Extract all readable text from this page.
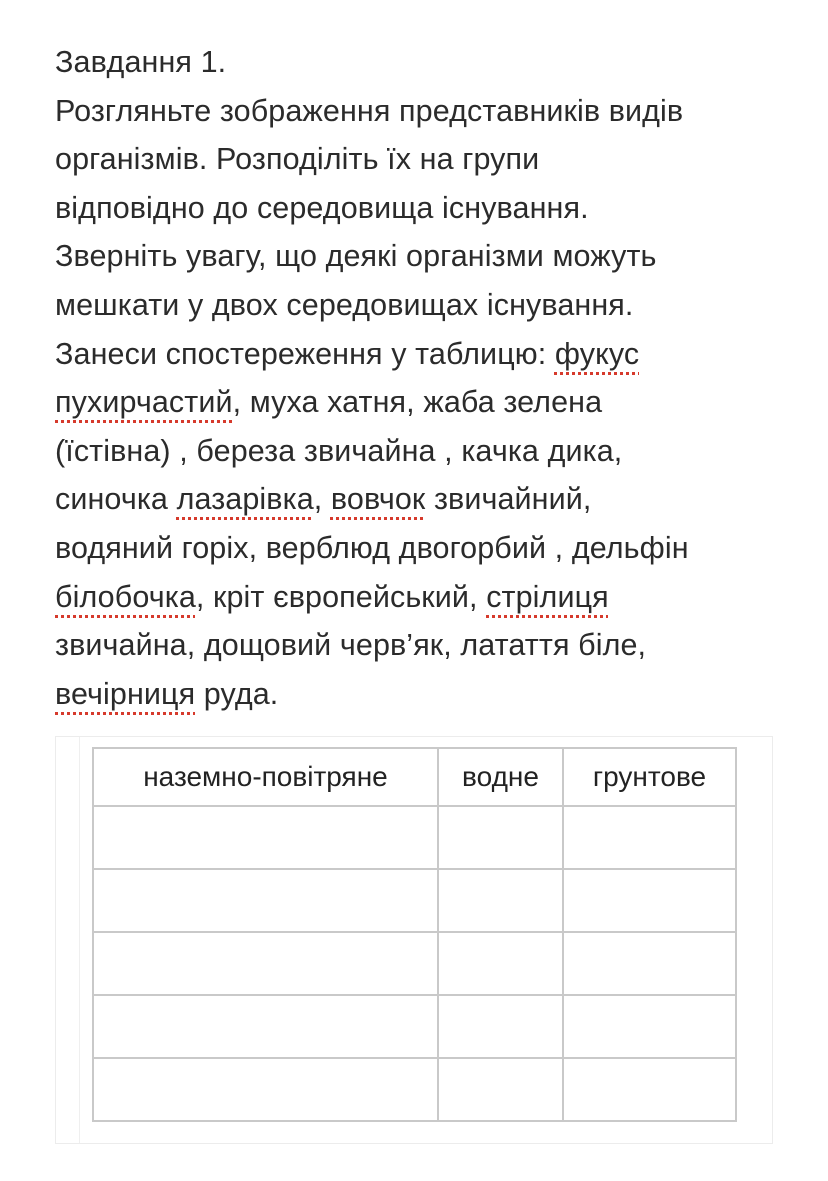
Завдання 1.
Розгляньте зображення представників видів
організмів. Розподіліть їх на групи
відповідно до середовища існування.
Зверніть увагу, що деякі організми можуть
мешкати у двох середовищах існування.
Занеси спостереження у таблицю: фукус
пухирчастий, муха хатня, жаба зелена
(їстівна) , береза звичайна , качка дика,
синочка лазарівка, вовчок звичайний,
водяний горіх, верблюд двогорбий , дельфін
білобочка, кріт європейський, стрілиця
звичайна, дощовий черв’як, латаття біле,
вечірниця руда.
наземно-повітряне	водне	грунтове
